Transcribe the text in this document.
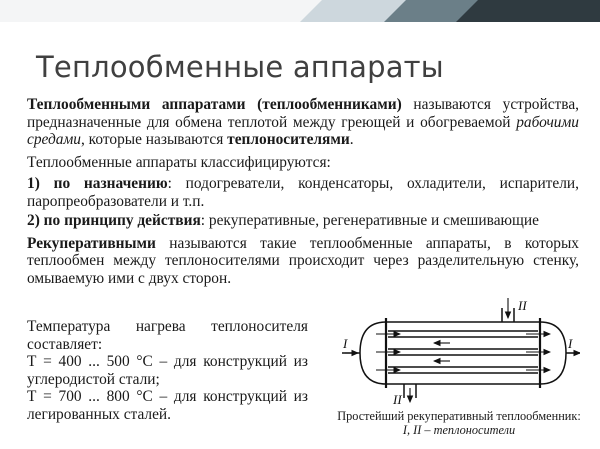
Теплообменные аппараты

Теплообменными аппаратами (теплообменниками) называются устройства, предназначенные для обмена теплотой между греющей и обогреваемой рабочими средами, которые называются теплоносителями.

Теплообменные аппараты классифицируются:

1) по назначению: подогреватели, конденсаторы, охладители, испарители, паропреобразователи и т.п.

2) по принципу действия: рекуперативные, регенеративные и смешивающие

Рекуперативными называются такие теплообменные аппараты, в которых теплообмен между теплоносителями происходит через разделительную стенку, омываемую ими с двух сторон.

Температура нагрева теплоносителя составляет:

Т = 400 ... 500 °С – для конструкций из углеродистой стали;

Т = 700 ... 800 °С – для конструкций из легированных сталей.

I	I
II
II
Простейший рекуперативный теплообменник:
I, II – теплоносители
